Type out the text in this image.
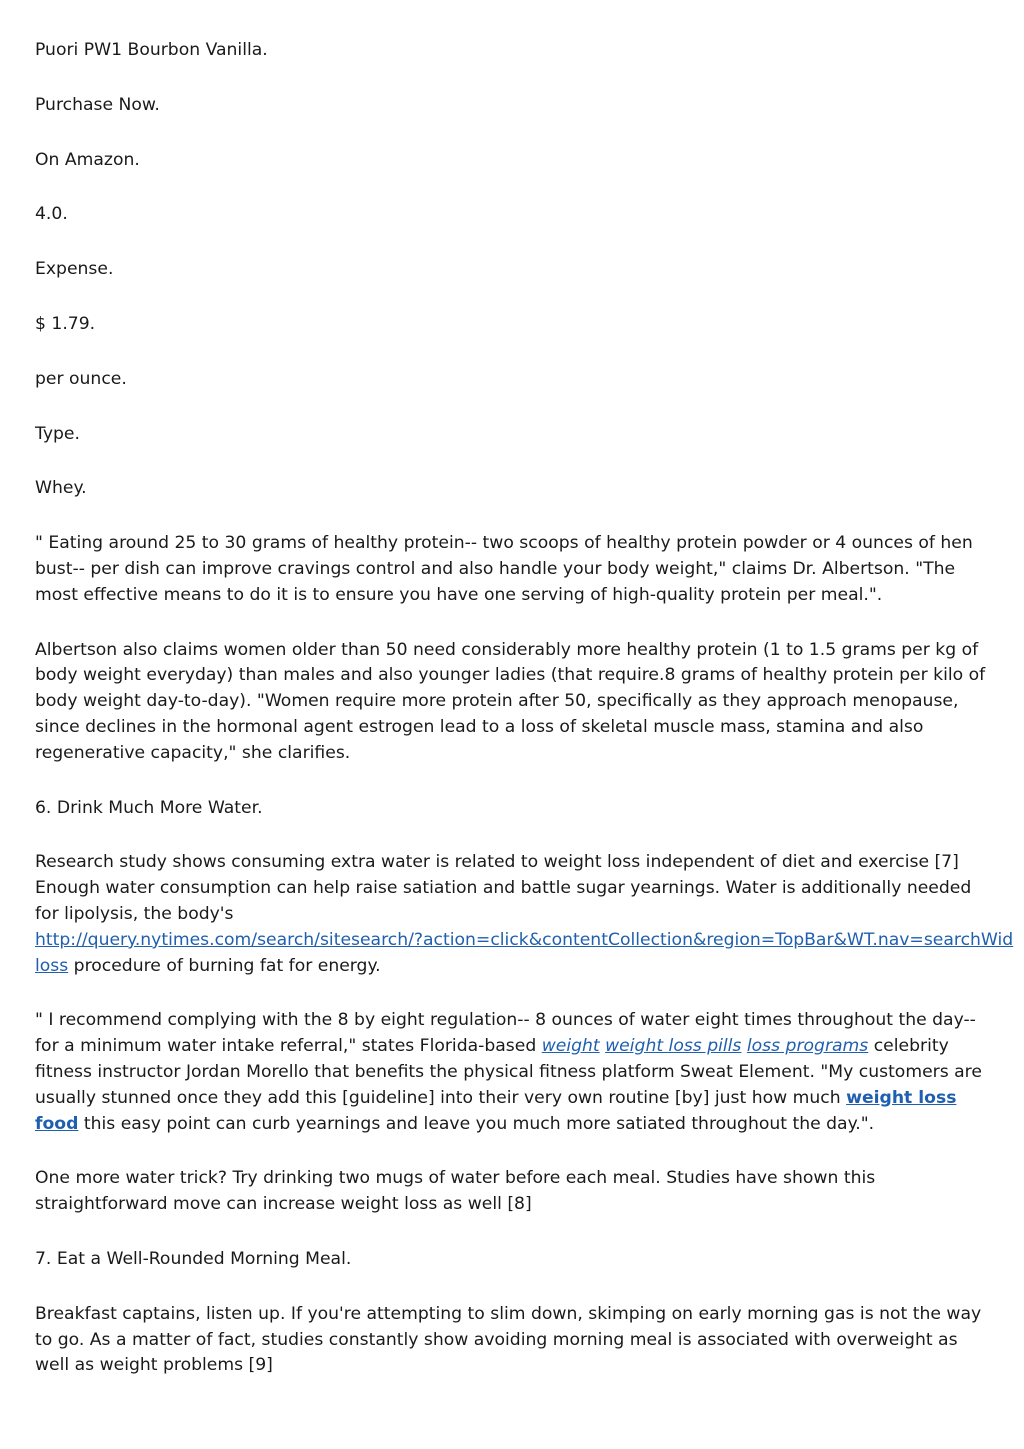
Puori PW1 Bourbon Vanilla.

Purchase Now.

On Amazon.

4.0.

Expense.

$ 1.79.

per ounce.

Type.

Whey.

" Eating around 25 to 30 grams of healthy protein-- two scoops of healthy protein powder or 4 ounces of hen bust-- per dish can improve cravings control and also handle your body weight," claims Dr. Albertson. "The most effective means to do it is to ensure you have one serving of high-quality protein per meal.".

Albertson also claims women older than 50 need considerably more healthy protein (1 to 1.5 grams per kg of body weight everyday) than males and also younger ladies (that require.8 grams of healthy protein per kilo of body weight day-to-day). "Women require more protein after 50, specifically as they approach menopause, since declines in the hormonal agent estrogen lead to a loss of skeletal muscle mass, stamina and also regenerative capacity," she clarifies.

6. Drink Much More Water.

Research study shows consuming extra water is related to weight loss independent of diet and exercise [7] Enough water consumption can help raise satiation and battle sugar yearnings. Water is additionally needed for lipolysis, the body's
http://query.nytimes.com/search/sitesearch/?action=click&contentCollection&region=TopBar&WT.nav=searchWid
loss procedure of burning fat for energy.

" I recommend complying with the 8 by eight regulation-- 8 ounces of water eight times throughout the day-- for a minimum water intake referral," states Florida-based weight weight loss pills loss programs celebrity fitness instructor Jordan Morello that benefits the physical fitness platform Sweat Element. "My customers are usually stunned once they add this [guideline] into their very own routine [by] just how much weight loss food this easy point can curb yearnings and leave you much more satiated throughout the day.".

One more water trick? Try drinking two mugs of water before each meal. Studies have shown this straightforward move can increase weight loss as well [8]

7. Eat a Well-Rounded Morning Meal.

Breakfast captains, listen up. If you're attempting to slim down, skimping on early morning gas is not the way to go. As a matter of fact, studies constantly show avoiding morning meal is associated with overweight as well as weight problems [9]
